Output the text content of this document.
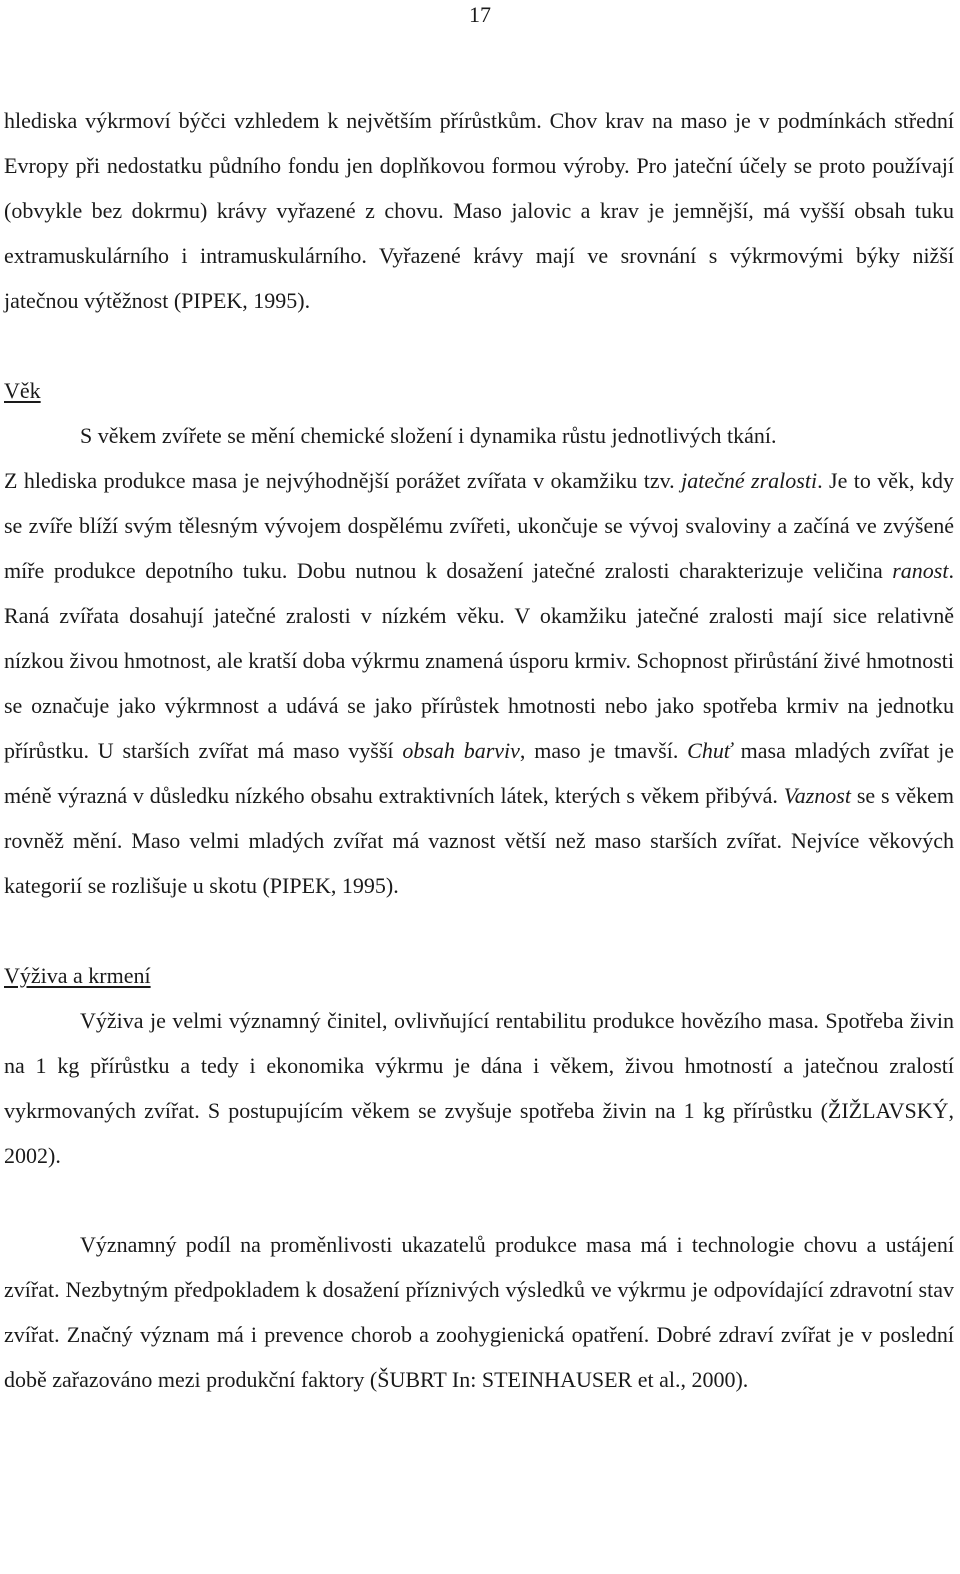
17

hlediska výkrmoví býčci vzhledem k největším přírůstkům. Chov krav na maso je v podmínkách střední Evropy při nedostatku půdního fondu jen doplňkovou formou výroby. Pro jateční účely se proto používají (obvykle bez dokrmu) krávy vyřazené z chovu. Maso jalovic a krav je jemnější, má vyšší obsah tuku extramuskulárního i intramuskulárního. Vyřazené krávy mají ve srovnání s výkrmovými býky nižší jatečnou výtěžnost (PIPEK, 1995).

Věk

S věkem zvířete se mění chemické složení i dynamika růstu jednotlivých tkání.

Z hlediska produkce masa je nejvýhodnější porážet zvířata v okamžiku tzv. jatečné zralosti. Je to věk, kdy se zvíře blíží svým tělesným vývojem dospělému zvířeti, ukončuje se vývoj svaloviny a začíná ve zvýšené míře produkce depotního tuku. Dobu nutnou k dosažení jatečné zralosti charakterizuje veličina ranost. Raná zvířata dosahují jatečné zralosti v nízkém věku. V okamžiku jatečné zralosti mají sice relativně nízkou živou hmotnost, ale kratší doba výkrmu znamená úsporu krmiv. Schopnost přirůstání živé hmotnosti se označuje jako výkrmnost a udává se jako přírůstek hmotnosti nebo jako spotřeba krmiv na jednotku přírůstku. U starších zvířat má maso vyšší obsah barviv, maso je tmavší. Chuť masa mladých zvířat je méně výrazná v důsledku nízkého obsahu extraktivních látek, kterých s věkem přibývá. Vaznost se s věkem rovněž mění. Maso velmi mladých zvířat má vaznost větší než maso starších zvířat. Nejvíce věkových kategorií se rozlišuje u skotu (PIPEK, 1995).

Výživa a krmení

Výživa je velmi významný činitel, ovlivňující rentabilitu produkce hovězího masa. Spotřeba živin na 1 kg přírůstku a tedy i ekonomika výkrmu je dána i věkem, živou hmotností a jatečnou zralostí vykrmovaných zvířat. S postupujícím věkem se zvyšuje spotřeba živin na 1 kg přírůstku (ŽIŽLAVSKÝ, 2002).

Významný podíl na proměnlivosti ukazatelů produkce masa má i technologie chovu a ustájení zvířat. Nezbytným předpokladem k dosažení příznivých výsledků ve výkrmu je odpovídající zdravotní stav zvířat. Značný význam má i prevence chorob a zoohygienická opatření. Dobré zdraví zvířat je v poslední době zařazováno mezi produkční faktory (ŠUBRT In: STEINHAUSER et al., 2000).
